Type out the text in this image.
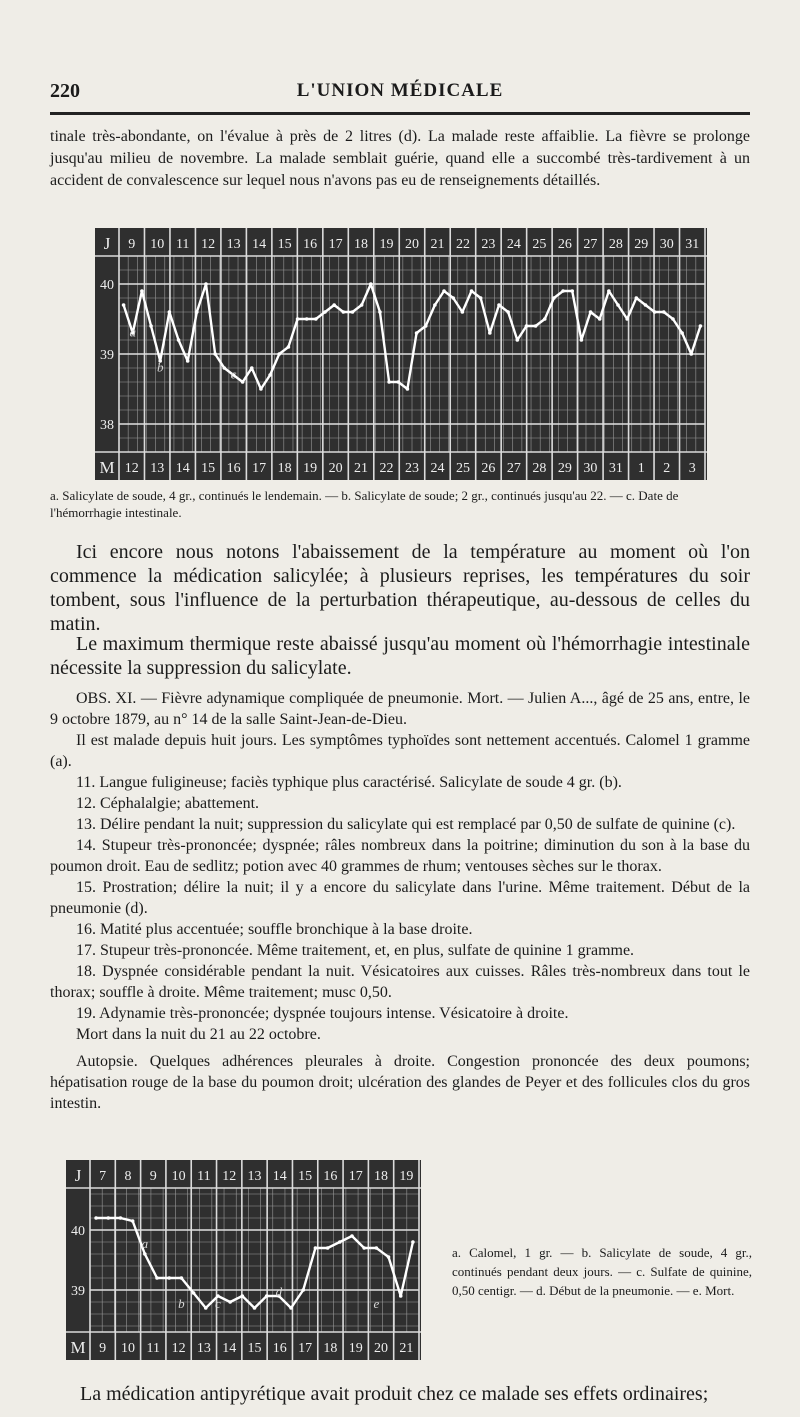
220	L'UNION MÉDICALE

tinale très-abondante, on l'évalue à près de 2 litres (d). La malade reste affaiblie. La fièvre se prolonge jusqu'au milieu de novembre. La malade semblait guérie, quand elle a succombé très-tardivement à un accident de convalescence sur lequel nous n'avons pas eu de renseignements détaillés.

J
M
9 10 11 12 13 14 15 16 17 18 19 20 21 22 23 24 25 26 27 28 29 30 31
12 13 14 15 16 17 18 19 20 21 22 23 24 25 26 27 28 29 30 31 1 2 3
40
39
38
a
b	c

a. Salicylate de soude, 4 gr., continués le lendemain. — b. Salicylate de soude; 2 gr., continués jusqu'au 22. — c. Date de l'hémorrhagie intestinale.

Ici encore nous notons l'abaissement de la température au moment où l'on commence la médication salicylée; à plusieurs reprises, les températures du soir tombent, sous l'influence de la perturbation thérapeutique, au-dessous de celles du matin.

Le maximum thermique reste abaissé jusqu'au moment où l'hémorrhagie intestinale nécessite la suppression du salicylate.

OBS. XI. — Fièvre adynamique compliquée de pneumonie. Mort. — Julien A..., âgé de 25 ans, entre, le 9 octobre 1879, au n° 14 de la salle Saint-Jean-de-Dieu.

Il est malade depuis huit jours. Les symptômes typhoïdes sont nettement accentués. Calomel 1 gramme (a).

11. Langue fuligineuse; faciès typhique plus caractérisé. Salicylate de soude 4 gr. (b).

12. Céphalalgie; abattement.

13. Délire pendant la nuit; suppression du salicylate qui est remplacé par 0,50 de sulfate de quinine (c).

14. Stupeur très-prononcée; dyspnée; râles nombreux dans la poitrine; diminution du son à la base du poumon droit. Eau de sedlitz; potion avec 40 grammes de rhum; ventouses sèches sur le thorax.

15. Prostration; délire la nuit; il y a encore du salicylate dans l'urine. Même traitement. Début de la pneumonie (d).

16. Matité plus accentuée; souffle bronchique à la base droite.

17. Stupeur très-prononcée. Même traitement, et, en plus, sulfate de quinine 1 gramme.

18. Dyspnée considérable pendant la nuit. Vésicatoires aux cuisses. Râles très-nombreux dans tout le thorax; souffle à droite. Même traitement; musc 0,50.

19. Adynamie très-prononcée; dyspnée toujours intense. Vésicatoire à droite.

Mort dans la nuit du 21 au 22 octobre.

Autopsie. Quelques adhérences pleurales à droite. Congestion prononcée des deux poumons; hépatisation rouge de la base du poumon droit; ulcération des glandes de Peyer et des follicules clos du gros intestin.

J
M
7 8 9 10 11 12 13 14 15 16 17 18 19
9 10 11 12 13 14 15 16 17 18 19 20 21
40
39
a
b c
d
e

a. Calomel, 1 gr. — b. Salicylate de soude, 4 gr., continués pendant deux jours. — c. Sulfate de quinine, 0,50 centigr. — d. Début de la pneumonie. — e. Mort.

La médication antipyrétique avait produit chez ce malade ses effets ordinaires;
